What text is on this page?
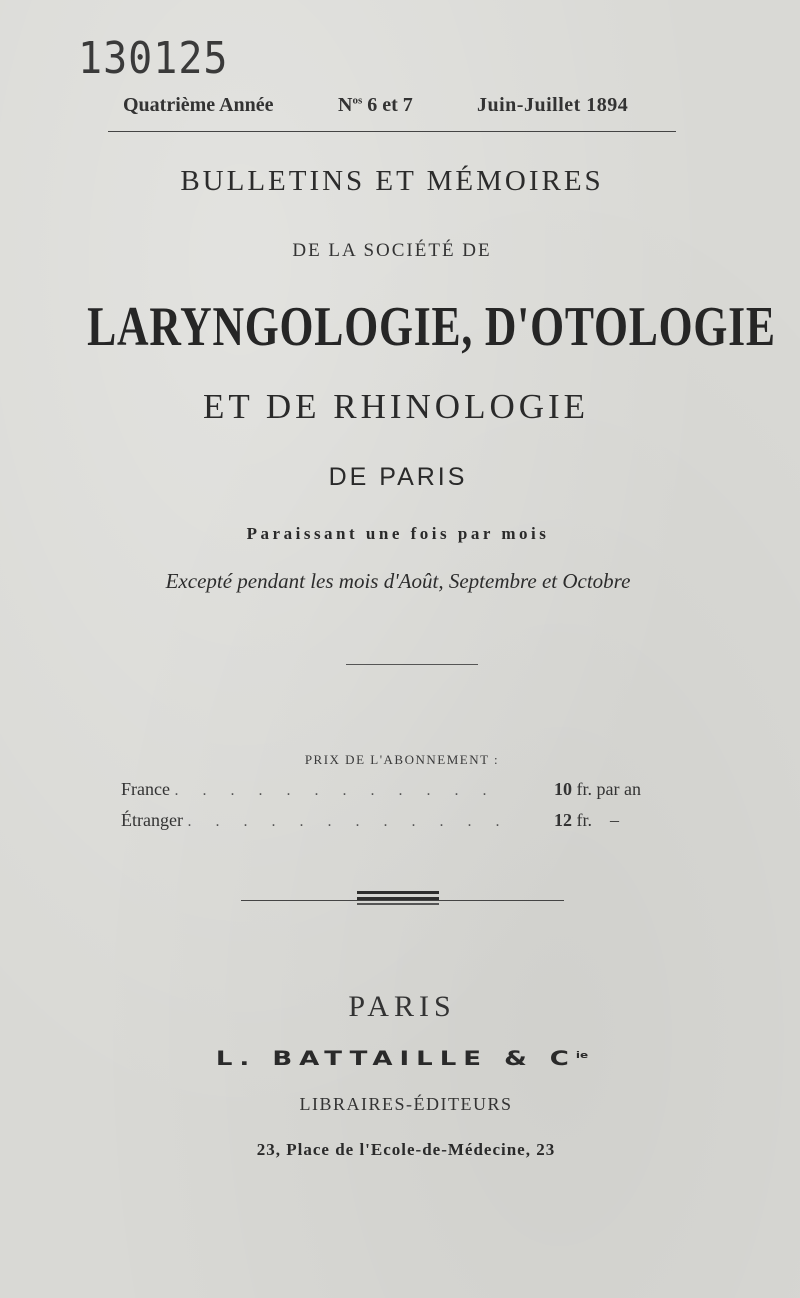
130125
Quatrième Année	$N^{os}$ 6 et 7	Juin-Juillet 1894
BULLETINS ET MÉMOIRES
DE LA SOCIÉTÉ DE
LARYNGOLOGIE, D'OTOLOGIE
ET DE RHINOLOGIE
DE PARIS
Paraissant une fois par mois
Excepté pendant les mois d'Août, Septembre et Octobre
PRIX DE L'ABONNEMENT :
France . . . . . . . . . . . .	10 fr. par an
Étranger . . . . . . . . . . . . 12 fr.    –
PARIS
L. BATTAILLE & $C^{ie}$
LIBRAIRES-ÉDITEURS
23, Place de l'Ecole-de-Médecine, 23
